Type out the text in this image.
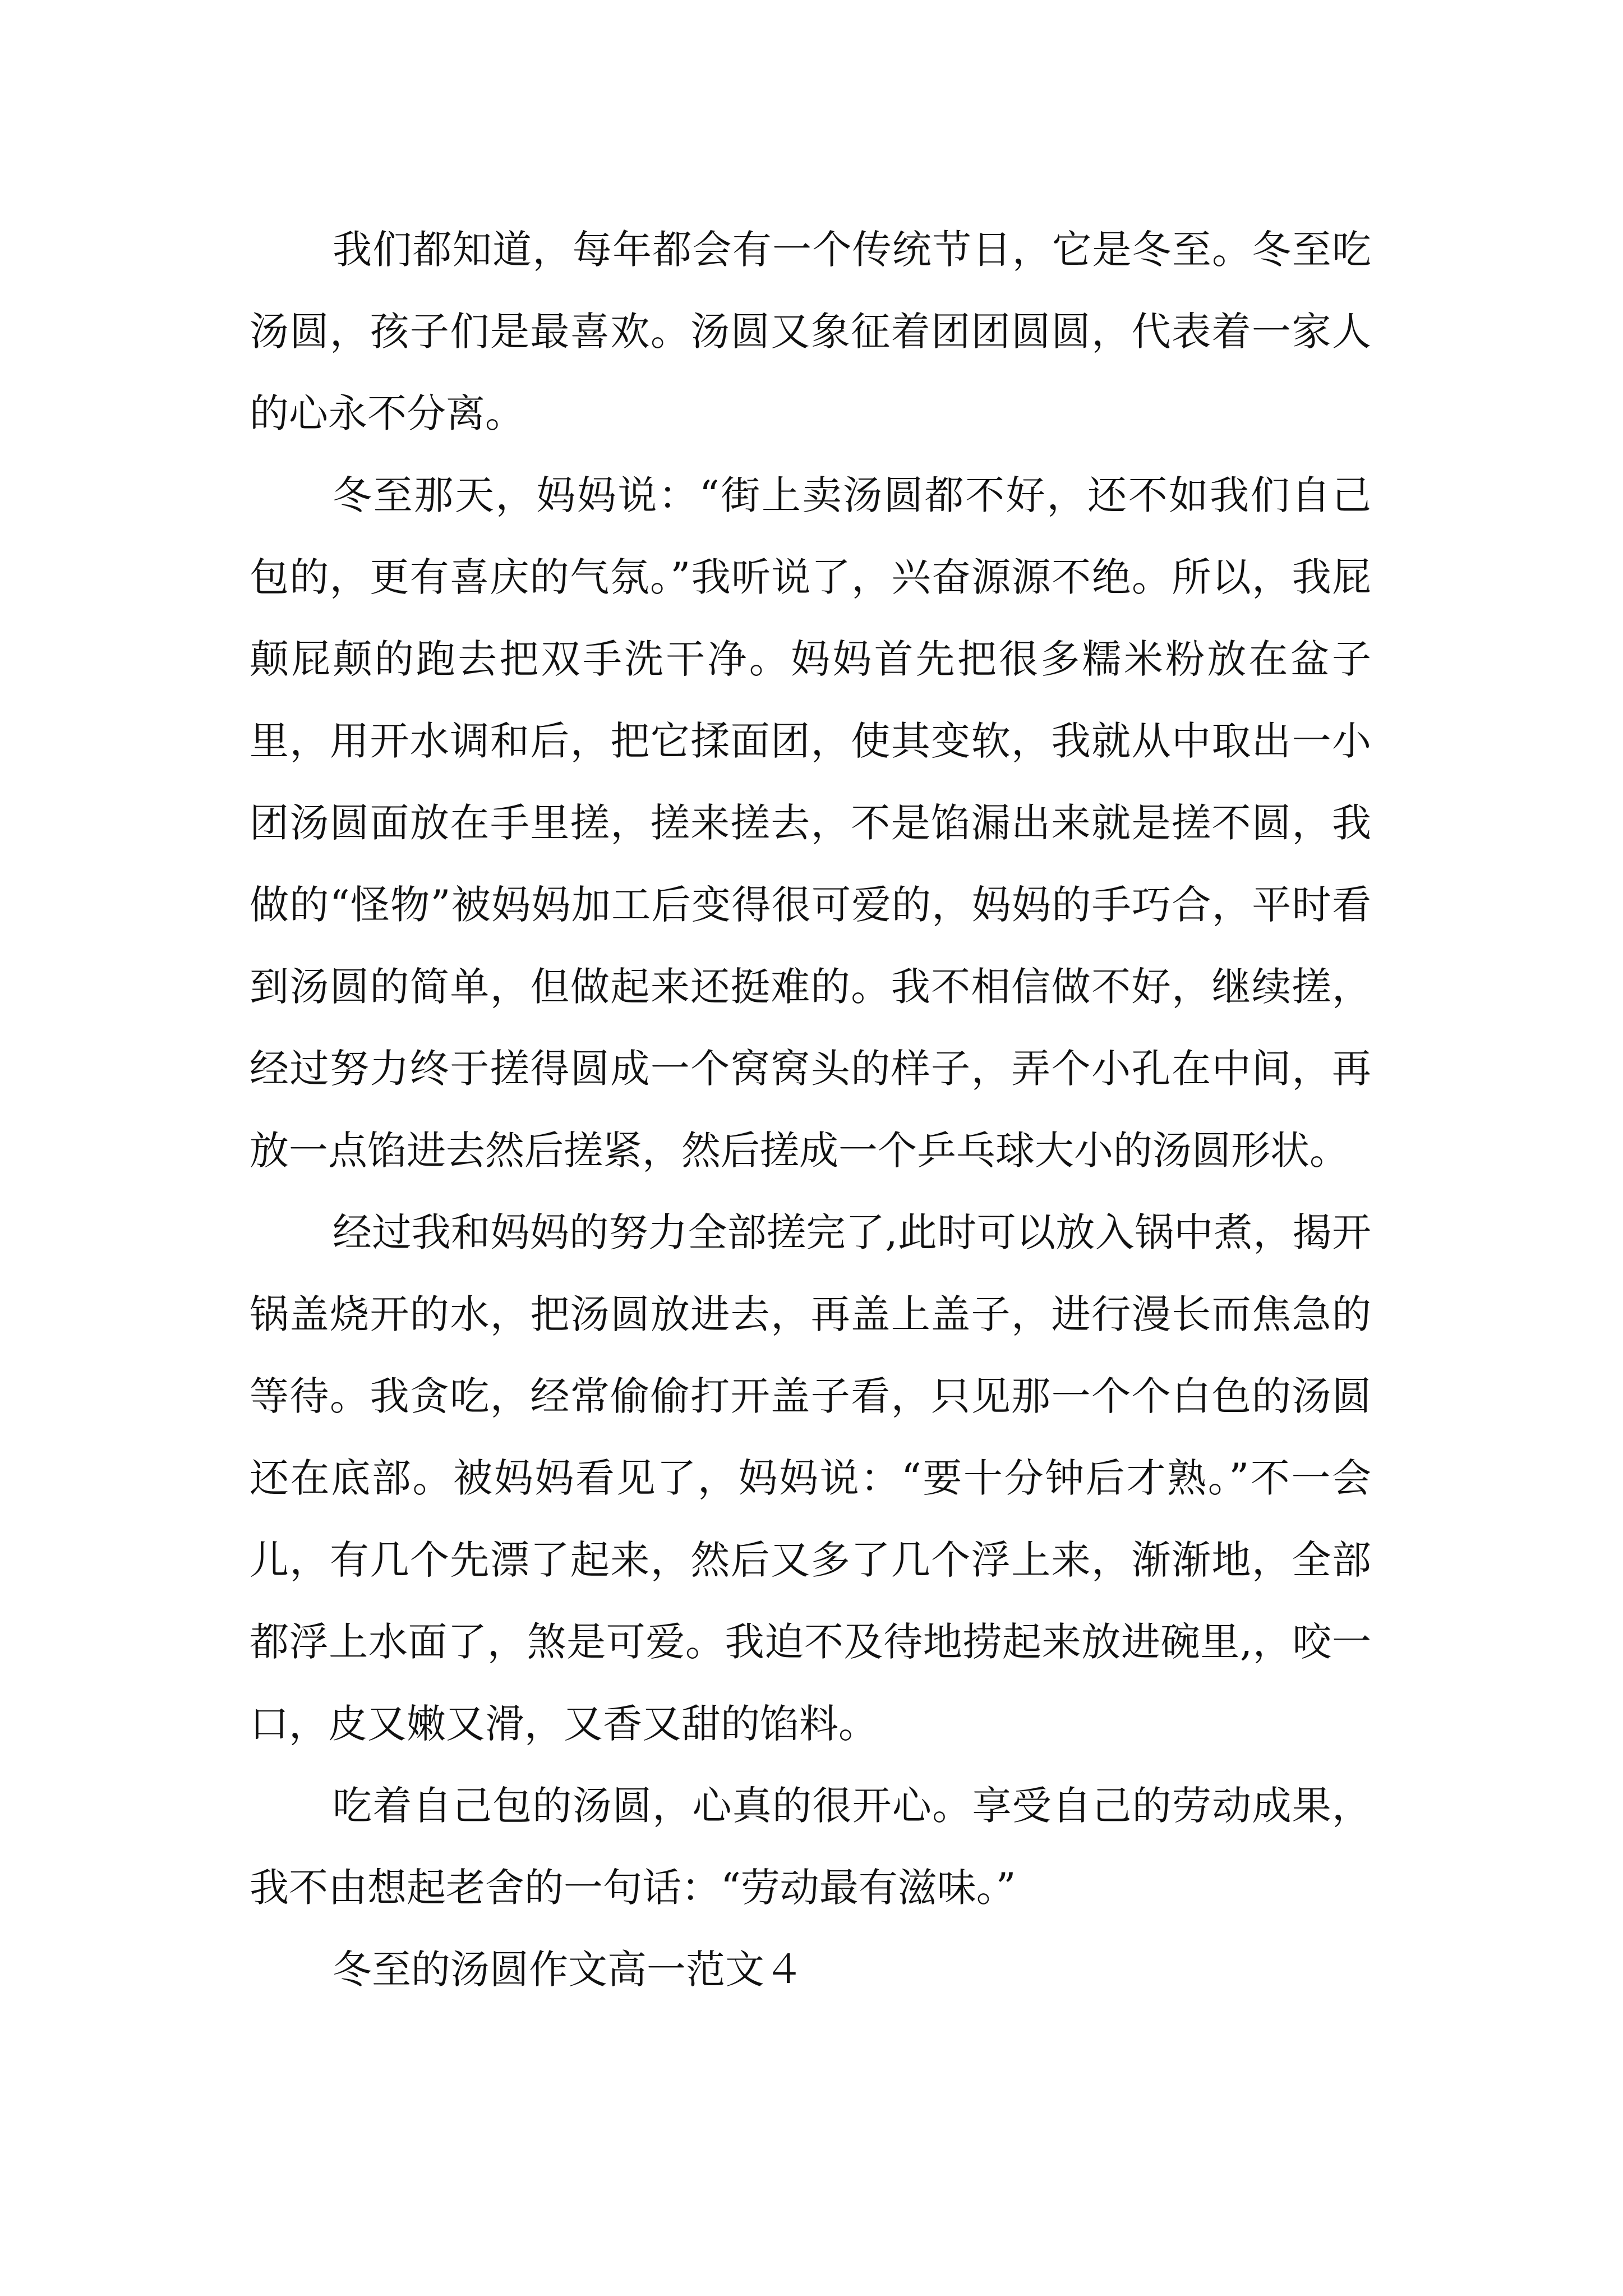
我们都知道，每年都会有一个传统节日，它是冬至。冬至吃汤圆，孩子们是最喜欢。汤圆又象征着团团圆圆，代表着一家人的心永不分离。

冬至那天，妈妈说：“街上卖汤圆都不好，还不如我们自己包的，更有喜庆的气氛。”我听说了，兴奋源源不绝。所以，我屁颠屁颠的跑去把双手洗干净。妈妈首先把很多糯米粉放在盆子里，用开水调和后，把它揉面团，使其变软，我就从中取出一小团汤圆面放在手里搓，搓来搓去，不是馅漏出来就是搓不圆，我做的“怪物”被妈妈加工后变得很可爱的，妈妈的手巧合，平时看到汤圆的简单，但做起来还挺难的。我不相信做不好，继续搓，经过努力终于搓得圆成一个窝窝头的样子，弄个小孔在中间，再放一点馅进去然后搓紧，然后搓成一个乒乓球大小的汤圆形状。

经过我和妈妈的努力全部搓完了,此时可以放入锅中煮，揭开锅盖烧开的水，把汤圆放进去，再盖上盖子，进行漫长而焦急的等待。我贪吃，经常偷偷打开盖子看，只见那一个个白色的汤圆还在底部。被妈妈看见了，妈妈说：“要十分钟后才熟。”不一会儿，有几个先漂了起来，然后又多了几个浮上来，渐渐地，全部都浮上水面了，煞是可爱。我迫不及待地捞起来放进碗里,，咬一口，皮又嫩又滑，又香又甜的馅料。

吃着自己包的汤圆，心真的很开心。享受自己的劳动成果，我不由想起老舍的一句话：“劳动最有滋味。”

冬至的汤圆作文高一范文４
